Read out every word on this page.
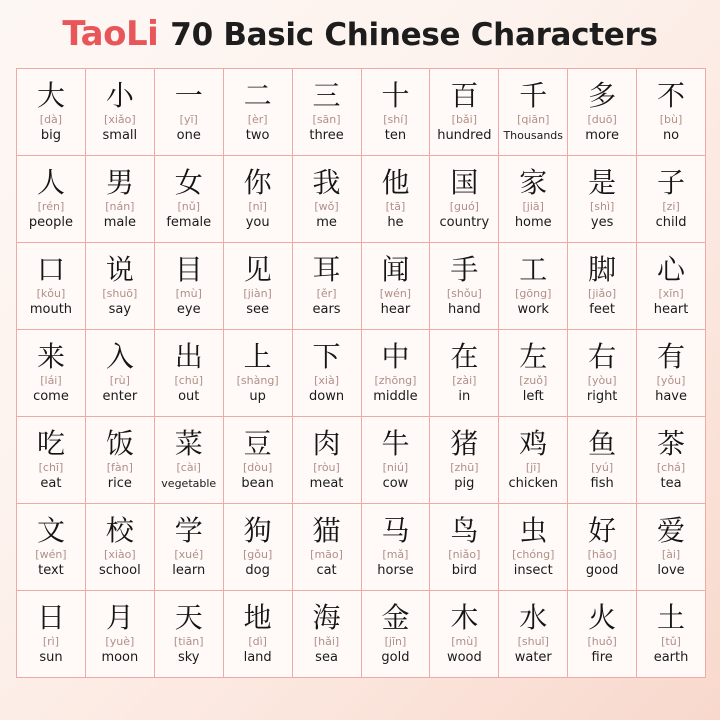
TaoLi 70 Basic Chinese Characters
大
[dà]
big
小
[xiǎo]
small
一
[yī]
one
二
[èr]
two
三
[sān]
three
十
[shí]
ten
百
[bǎi]
hundred
千
[qiān]
Thousands
多
[duō]
more
不
[bù]
no
人
[rén]
people
男
[nán]
male
女
[nǔ]
female
你
[nǐ]
you
我
[wǒ]
me
他
[tā]
he
国
[guó]
country
家
[jiā]
home
是
[shì]
yes
子
[zi]
child
口
[kǒu]
mouth
说
[shuō]
say
目
[mù]
eye
见
[jiàn]
see
耳
[ěr]
ears
闻
[wén]
hear
手
[shǒu]
hand
工
[gōng]
work
脚
[jiǎo]
feet
心
[xīn]
heart
来
[lái]
come
入
[rù]
enter
出
[chū]
out
上
[shàng]
up
下
[xià]
down
中
[zhōng]
middle
在
[zài]
in
左
[zuǒ]
left
右
[yòu]
right
有
[yǒu]
have
吃
[chī]
eat
饭
[fàn]
rice
菜
[cài]
vegetable
豆
[dòu]
bean
肉
[ròu]
meat
牛
[niú]
cow
猪
[zhū]
pig
鸡
[jī]
chicken
鱼
[yú]
fish
茶
[chá]
tea
文
[wén]
text
校
[xiào]
school
学
[xué]
learn
狗
[gǒu]
dog
猫
[māo]
cat
马
[mǎ]
horse
鸟
[niǎo]
bird
虫
[chóng]
insect
好
[hǎo]
good
爱
[ài]
love
日
[rì]
sun
月
[yuè]
moon
天
[tiān]
sky
地
[dì]
land
海
[hǎi]
sea
金
[jīn]
gold
木
[mù]
wood
水
[shuǐ]
water
火
[huǒ]
fire
土
[tǔ]
earth
